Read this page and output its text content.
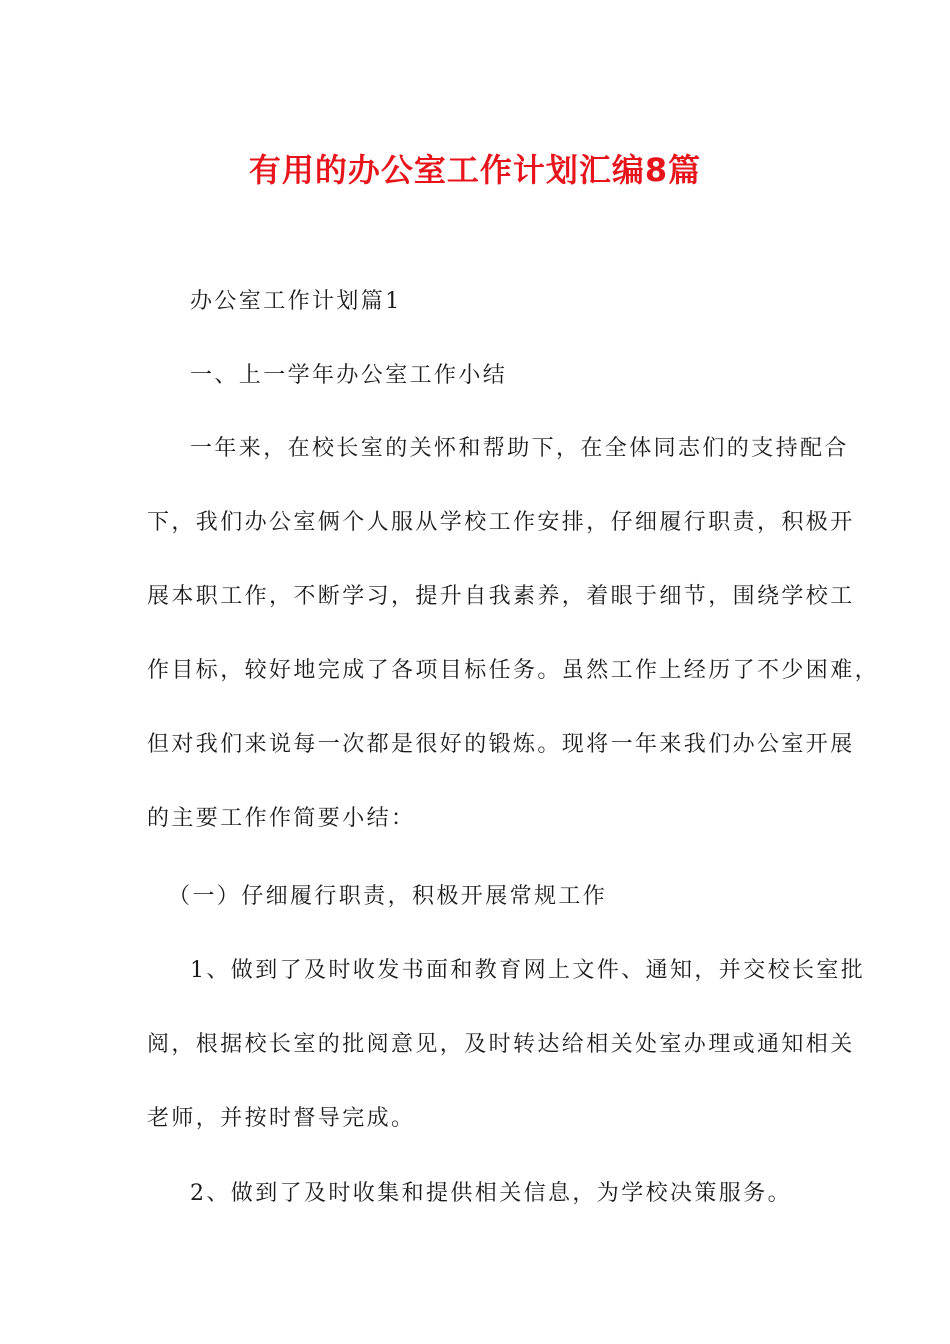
有用的办公室工作计划汇编8篇

办公室工作计划篇1

一、上一学年办公室工作小结

一年来，在校长室的关怀和帮助下，在全体同志们的支持配合

下，我们办公室俩个人服从学校工作安排，仔细履行职责，积极开

展本职工作，不断学习，提升自我素养，着眼于细节，围绕学校工

作目标，较好地完成了各项目标任务。虽然工作上经历了不少困难，

但对我们来说每一次都是很好的锻炼。现将一年来我们办公室开展

的主要工作作简要小结：

（一）仔细履行职责，积极开展常规工作

1、做到了及时收发书面和教育网上文件、通知，并交校长室批

阅，根据校长室的批阅意见，及时转达给相关处室办理或通知相关

老师，并按时督导完成。

2、做到了及时收集和提供相关信息，为学校决策服务。
